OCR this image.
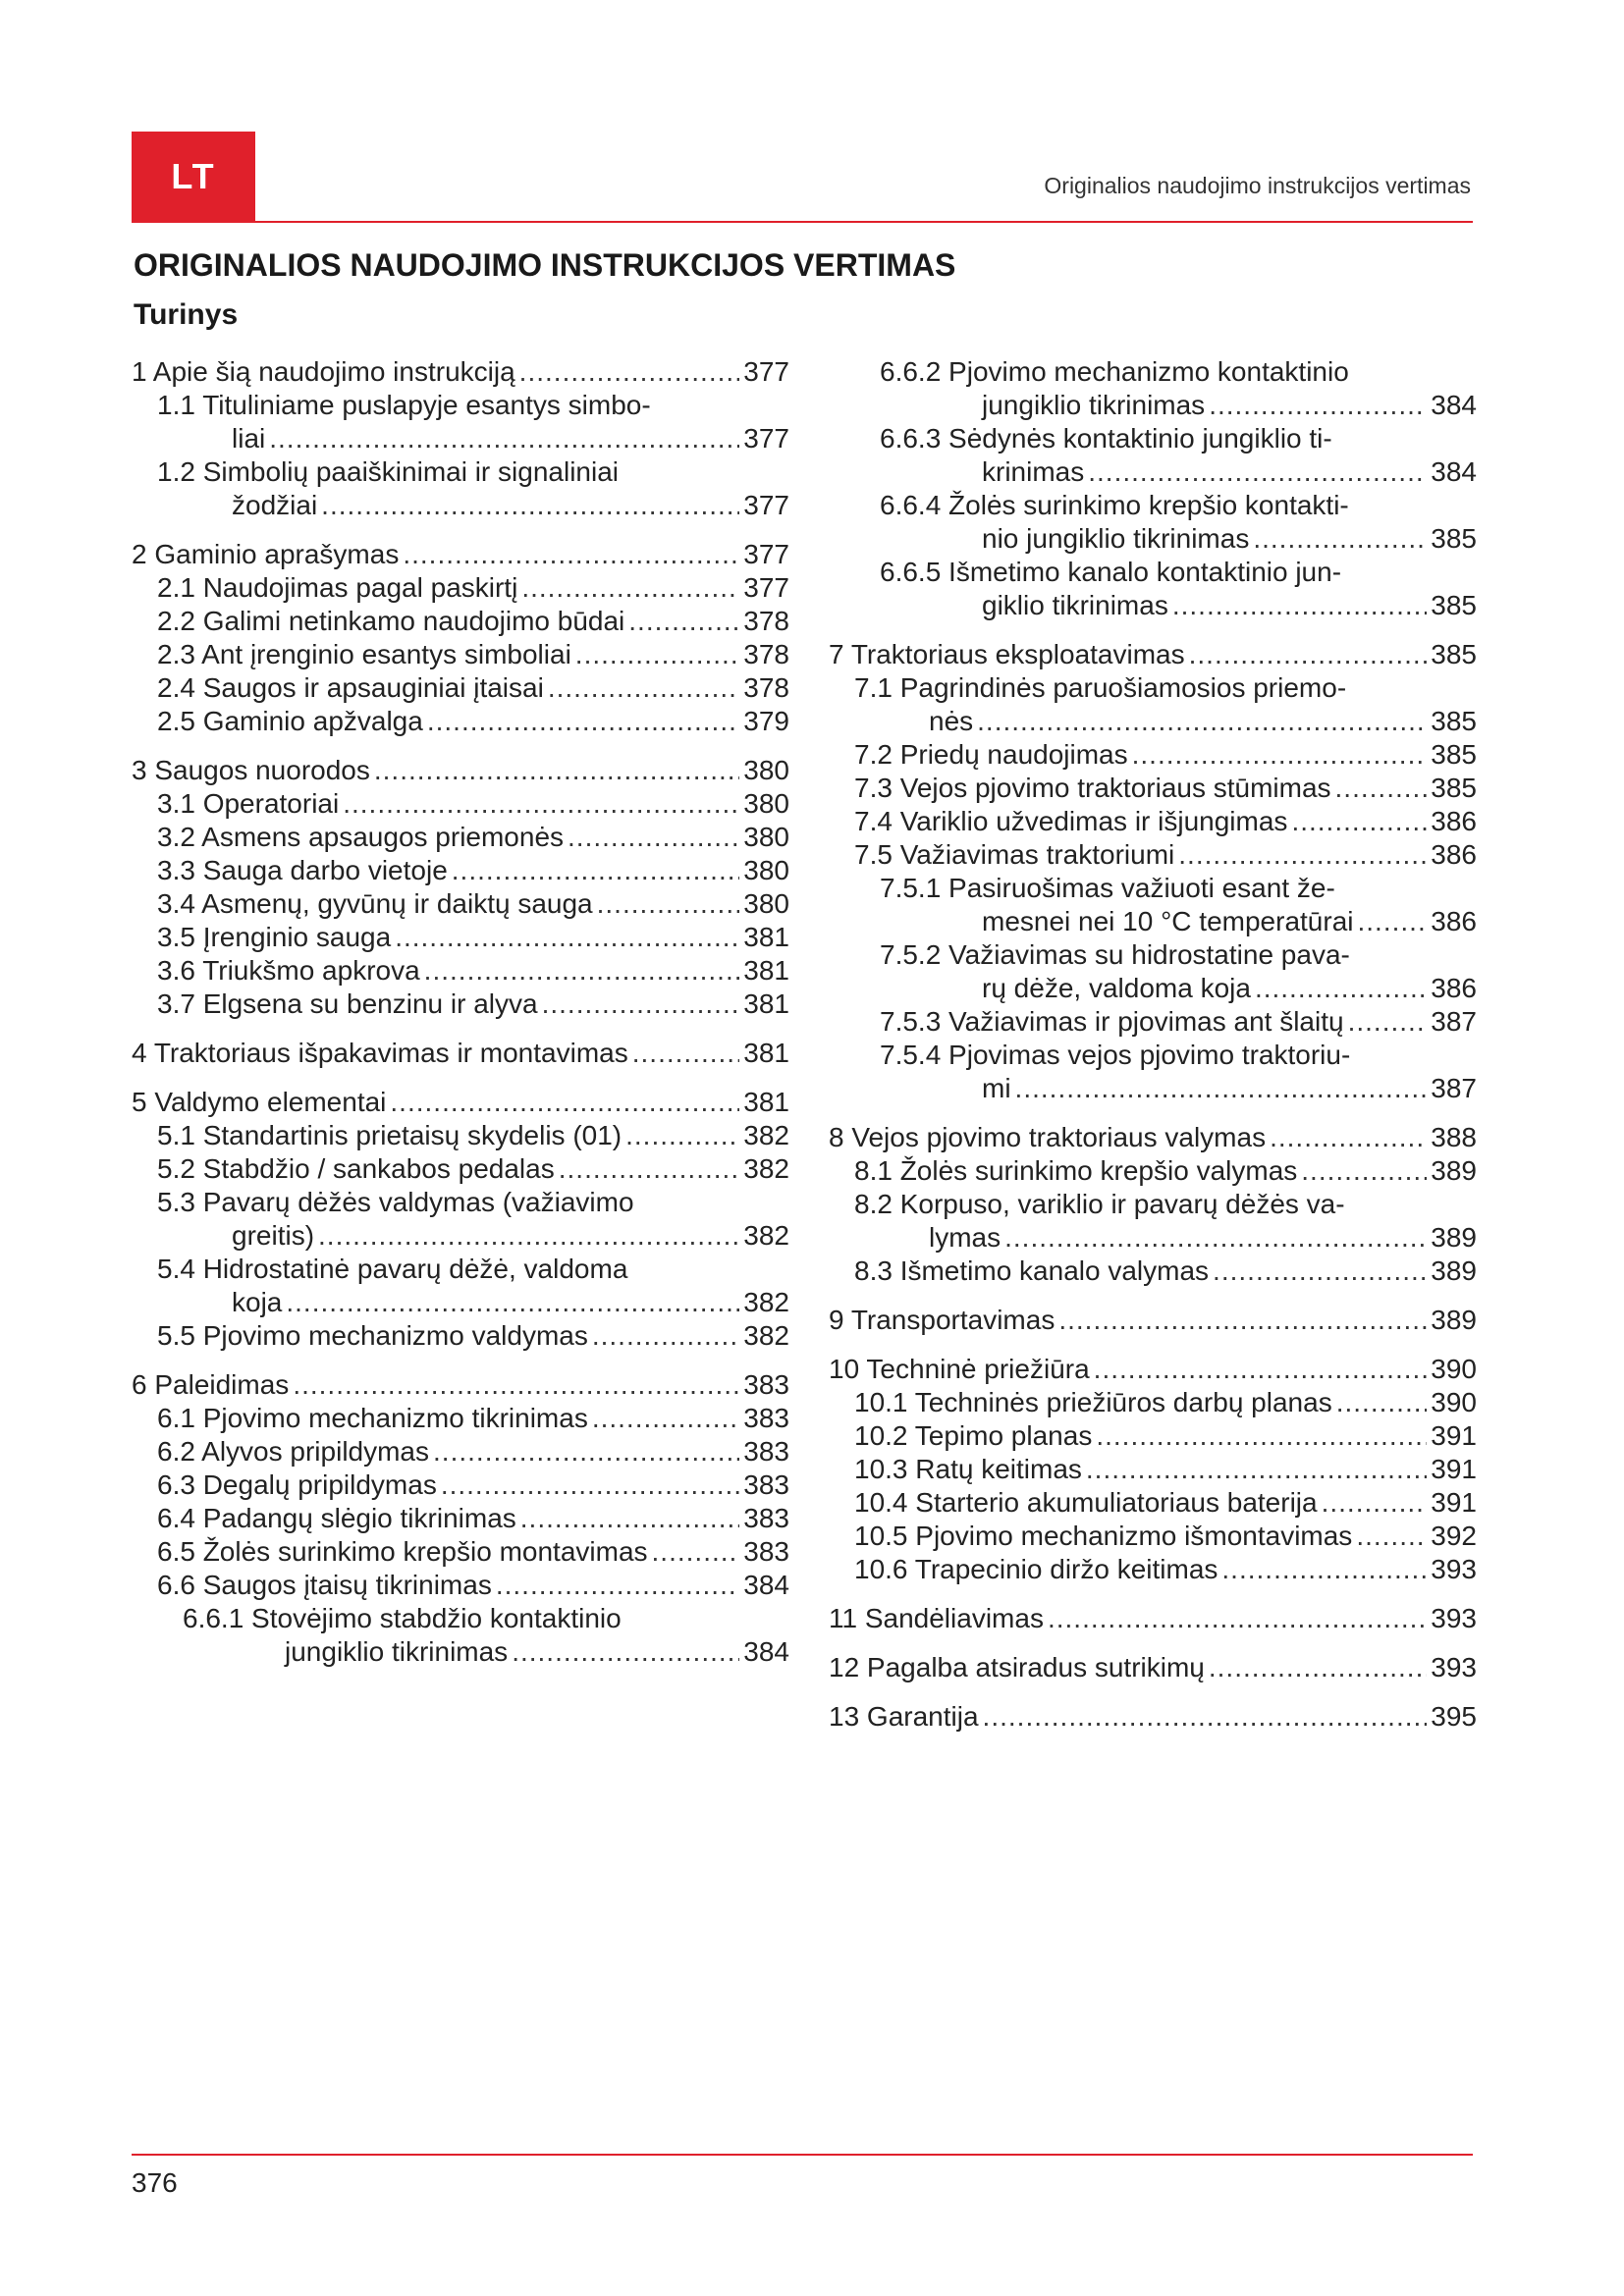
LT	Originalios naudojimo instrukcijos vertimas
ORIGINALIOS NAUDOJIMO INSTRUKCIJOS VERTIMAS
Turinys
1 Apie šią naudojimo instrukciją .....	377
1.1 Tituliniame puslapyje esantys simbo-
liai .....	377
1.2 Simbolių paaiškinimai ir signaliniai
žodžiai .....	377
2 Gaminio aprašymas .....	377
2.1 Naudojimas pagal paskirtį .....	377
2.2 Galimi netinkamo naudojimo būdai .....	378
2.3 Ant įrenginio esantys simboliai .....	378
2.4 Saugos ir apsauginiai įtaisai .....	378
2.5 Gaminio apžvalga .....	379
3 Saugos nuorodos .....	380
3.1 Operatoriai .....	380
3.2 Asmens apsaugos priemonės .....	380
3.3 Sauga darbo vietoje .....	380
3.4 Asmenų, gyvūnų ir daiktų sauga .....	380
3.5 Įrenginio sauga .....	381
3.6 Triukšmo apkrova .....	381
3.7 Elgsena su benzinu ir alyva .....	381
4 Traktoriaus išpakavimas ir montavimas .....	381
5 Valdymo elementai .....	381
5.1 Standartinis prietaisų skydelis (01) .....	382
5.2 Stabdžio / sankabos pedalas .....	382
5.3 Pavarų dėžės valdymas (važiavimo
greitis) .....	382
5.4 Hidrostatinė pavarų dėžė, valdoma
koja .....	382
5.5 Pjovimo mechanizmo valdymas .....	382
6 Paleidimas .....	383
6.1 Pjovimo mechanizmo tikrinimas .....	383
6.2 Alyvos pripildymas .....	383
6.3 Degalų pripildymas .....	383
6.4 Padangų slėgio tikrinimas .....	383
6.5 Žolės surinkimo krepšio montavimas .....	383
6.6 Saugos įtaisų tikrinimas .....	384
6.6.1 Stovėjimo stabdžio kontaktinio
jungiklio tikrinimas .....	384
6.6.2 Pjovimo mechanizmo kontaktinio
jungiklio tikrinimas .....	384
6.6.3 Sėdynės kontaktinio jungiklio ti-
krinimas .....	384
6.6.4 Žolės surinkimo krepšio kontakti-
nio jungiklio tikrinimas .....	385
6.6.5 Išmetimo kanalo kontaktinio jun-
giklio tikrinimas .....	385
7 Traktoriaus eksploatavimas .....	385
7.1 Pagrindinės paruošiamosios priemo-
nės .....	385
7.2 Priedų naudojimas .....	385
7.3 Vejos pjovimo traktoriaus stūmimas .....	385
7.4 Variklio užvedimas ir išjungimas .....	386
7.5 Važiavimas traktoriumi .....	386
7.5.1 Pasiruošimas važiuoti esant že-
mesnei nei 10 °C temperatūrai .....	386
7.5.2 Važiavimas su hidrostatine pava-
rų dėže, valdoma koja .....	386
7.5.3 Važiavimas ir pjovimas ant šlaitų .....	387
7.5.4 Pjovimas vejos pjovimo traktoriu-
mi .....	387
8 Vejos pjovimo traktoriaus valymas .....	388
8.1 Žolės surinkimo krepšio valymas .....	389
8.2 Korpuso, variklio ir pavarų dėžės va-
lymas .....	389
8.3 Išmetimo kanalo valymas .....	389
9 Transportavimas .....	389
10 Techninė priežiūra .....	390
10.1 Techninės priežiūros darbų planas .....	390
10.2 Tepimo planas .....	391
10.3 Ratų keitimas .....	391
10.4 Starterio akumuliatoriaus baterija .....	391
10.5 Pjovimo mechanizmo išmontavimas .....	392
10.6 Trapecinio diržo keitimas .....	393
11 Sandėliavimas .....	393
12 Pagalba atsiradus sutrikimų .....	393
13 Garantija .....	395
376
